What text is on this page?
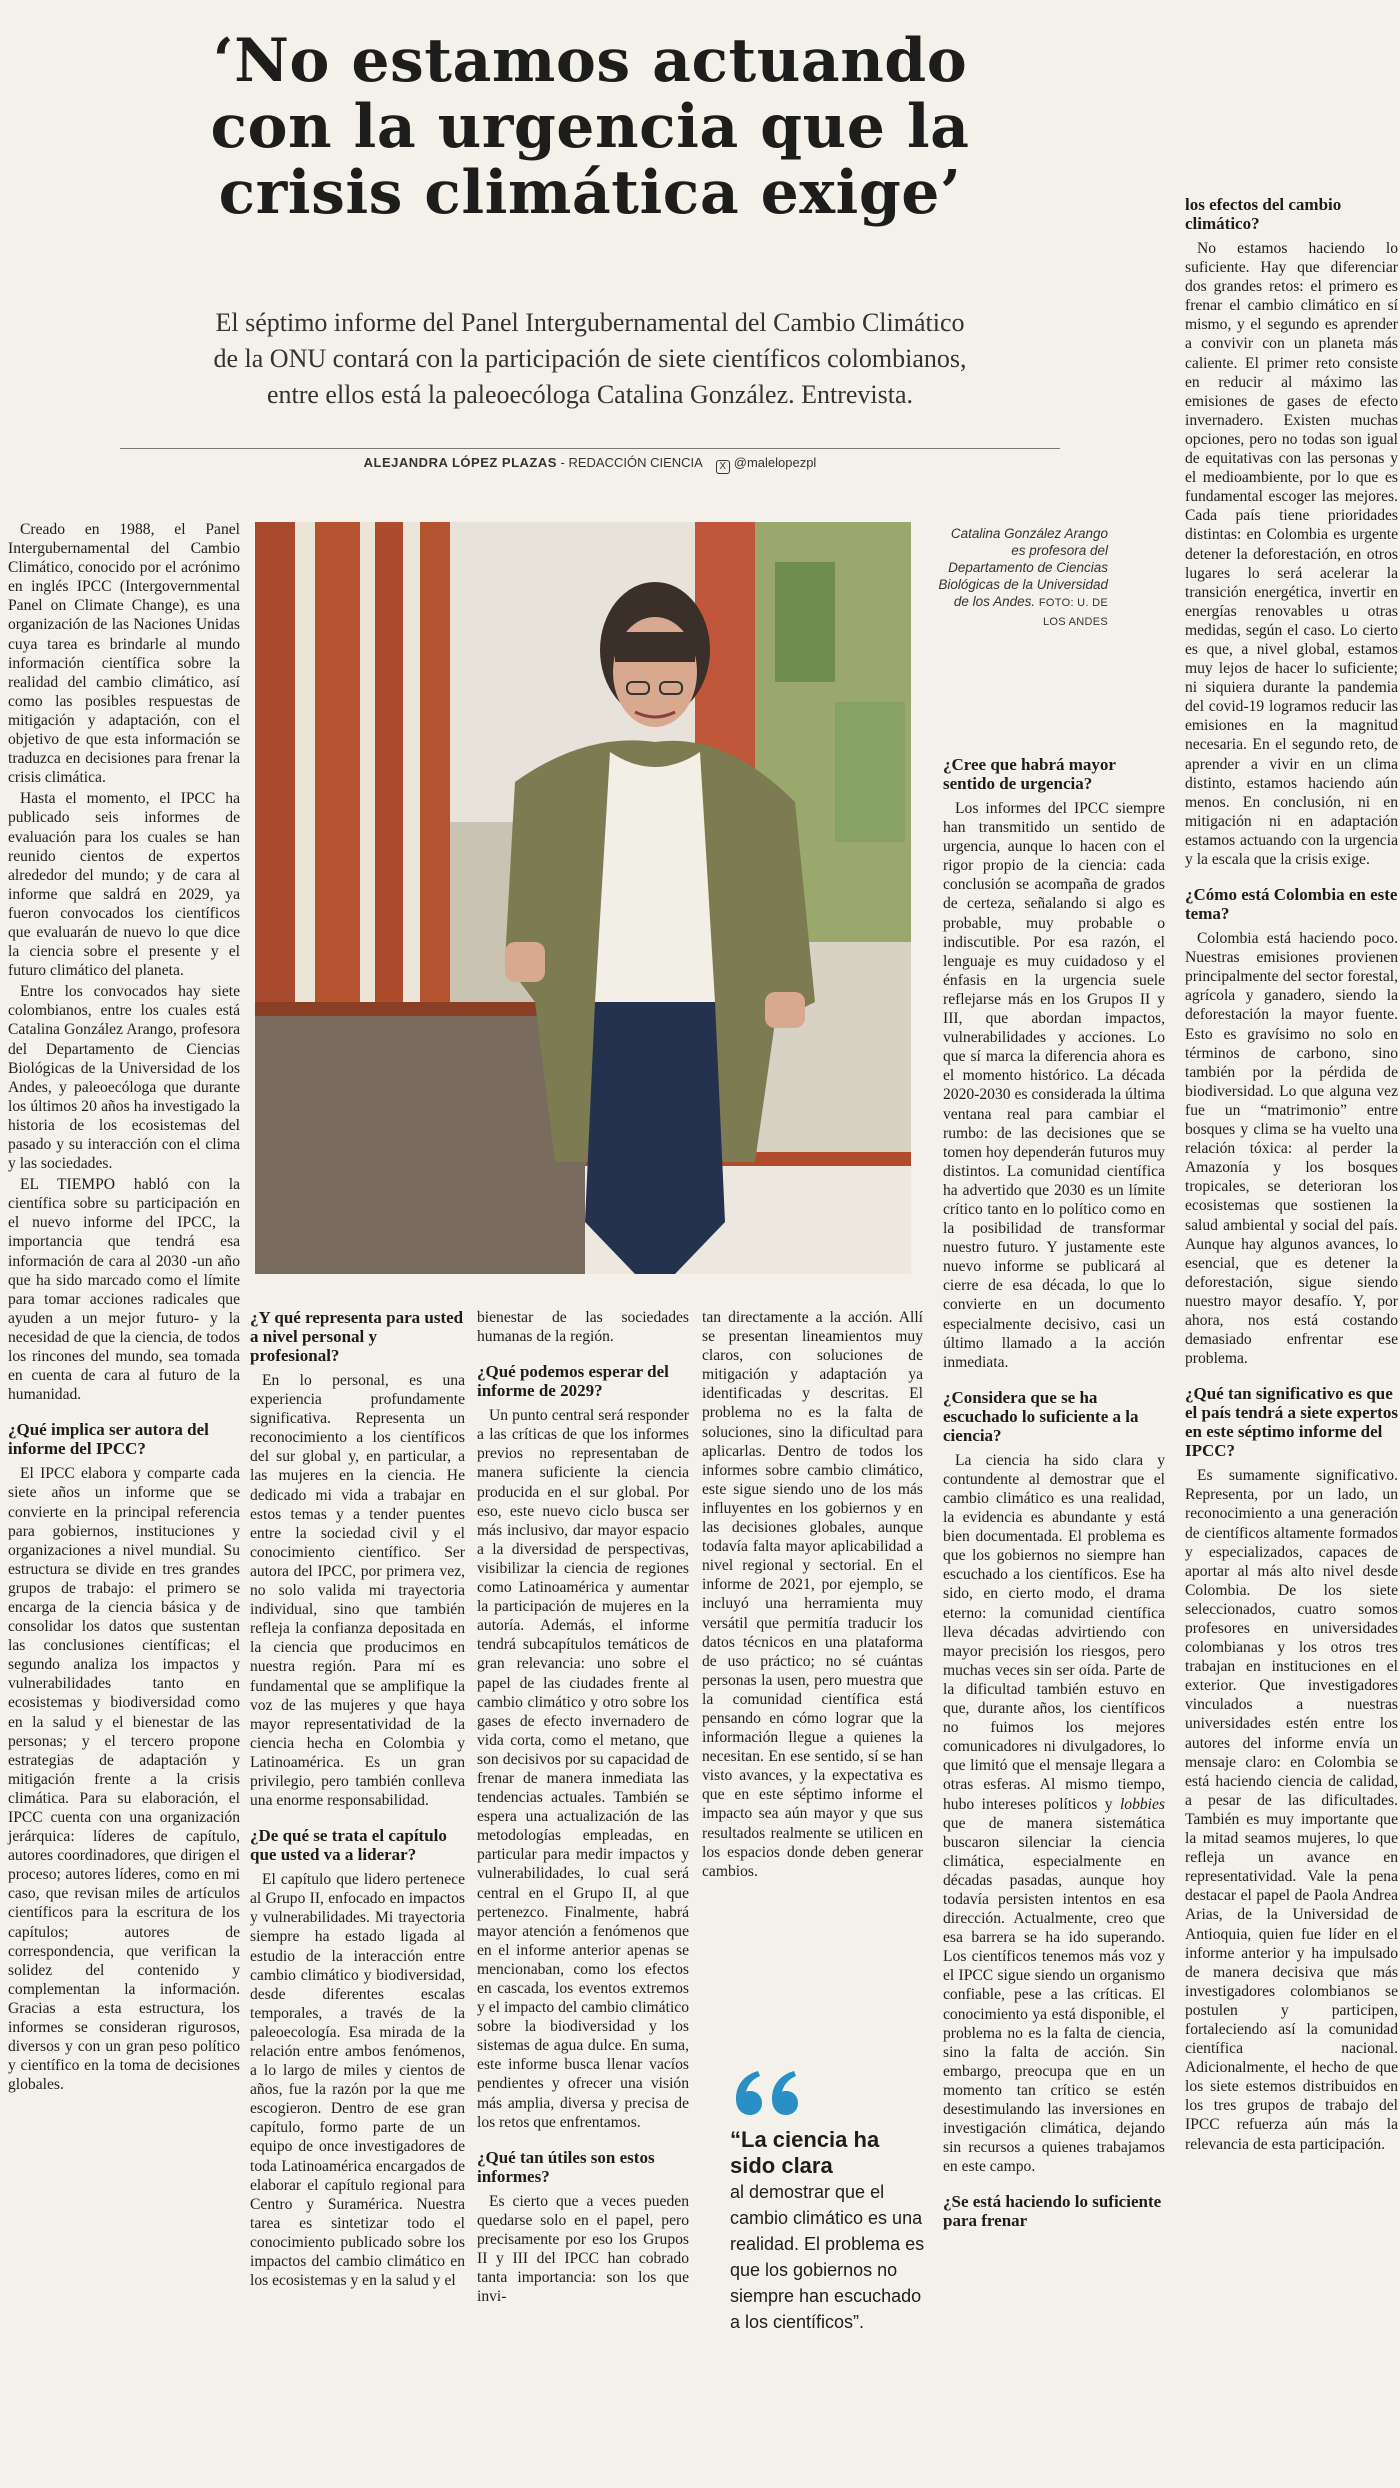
‘No estamos actuando
con la urgencia que la
crisis climática exige’
El séptimo informe del Panel Intergubernamental del Cambio Climático
de la ONU contará con la participación de siete científicos colombianos,
entre ellos está la paleoecóloga Catalina González. Entrevista.
ALEJANDRA LÓPEZ PLAZAS - REDACCIÓN CIENCIA X @malelopezpl

Creado en 1988, el Panel Intergubernamental del Cambio Climático, conocido por el acrónimo en inglés IPCC (Intergovernmental Panel on Climate Change), es una organización de las Naciones Unidas cuya tarea es brindarle al mundo información científica sobre la realidad del cambio climático, así como las posibles respuestas de mitigación y adaptación, con el objetivo de que esta información se traduzca en decisiones para frenar la crisis climática.

Hasta el momento, el IPCC ha publicado seis informes de evaluación para los cuales se han reunido cientos de expertos alrededor del mundo; y de cara al informe que saldrá en 2029, ya fueron convocados los científicos que evaluarán de nuevo lo que dice la ciencia sobre el presente y el futuro climático del planeta.

Entre los convocados hay siete colombianos, entre los cuales está Catalina González Arango, profesora del Departamento de Ciencias Biológicas de la Universidad de los Andes, y paleoecóloga que durante los últimos 20 años ha investigado la historia de los ecosistemas del pasado y su interacción con el clima y las sociedades.

EL TIEMPO habló con la científica sobre su participación en el nuevo informe del IPCC, la importancia que tendrá esa información de cara al 2030 -un año que ha sido marcado como el límite para tomar acciones radicales que ayuden a un mejor futuro- y la necesidad de que la ciencia, de todos los rincones del mundo, sea tomada en cuenta de cara al futuro de la humanidad.

¿Qué implica ser autora del informe del IPCC?

El IPCC elabora y comparte cada siete años un informe que se convierte en la principal referencia para gobiernos, instituciones y organizaciones a nivel mundial. Su estructura se divide en tres grandes grupos de trabajo: el primero se encarga de la ciencia básica y de consolidar los datos que sustentan las conclusiones científicas; el segundo analiza los impactos y vulnerabilidades tanto en ecosistemas y biodiversidad como en la salud y el bienestar de las personas; y el tercero propone estrategias de adaptación y mitigación frente a la crisis climática. Para su elaboración, el IPCC cuenta con una organización jerárquica: líderes de capítulo, autores coordinadores, que dirigen el proceso; autores líderes, como en mi caso, que revisan miles de artículos científicos para la escritura de los capítulos; autores de correspondencia, que verifican la solidez del contenido y complementan la información. Gracias a esta estructura, los informes se consideran rigurosos, diversos y con un gran peso político y científico en la toma de decisiones globales.

Catalina González Arango es profesora del Departamento de Ciencias Biológicas de la Universidad de los Andes. FOTO: U. DE LOS ANDES
¿Y qué representa para usted a nivel personal y profesional?

En lo personal, es una experiencia profundamente significativa. Representa un reconocimiento a los científicos del sur global y, en particular, a las mujeres en la ciencia. He dedicado mi vida a trabajar en estos temas y a tender puentes entre la sociedad civil y el conocimiento científico. Ser autora del IPCC, por primera vez, no solo valida mi trayectoria individual, sino que también refleja la confianza depositada en la ciencia que producimos en nuestra región. Para mí es fundamental que se amplifique la voz de las mujeres y que haya mayor representatividad de la ciencia hecha en Colombia y Latinoamérica. Es un gran privilegio, pero también conlleva una enorme responsabilidad.

¿De qué se trata el capítulo que usted va a liderar?

El capítulo que lidero pertenece al Grupo II, enfocado en impactos y vulnerabilidades. Mi trayectoria siempre ha estado ligada al estudio de la interacción entre cambio climático y biodiversidad, desde diferentes escalas temporales, a través de la paleoecología. Esa mirada de la relación entre ambos fenómenos, a lo largo de miles y cientos de años, fue la razón por la que me escogieron. Dentro de ese gran capítulo, formo parte de un equipo de once investigadores de toda Latinoamérica encargados de elaborar el capítulo regional para Centro y Suramérica. Nuestra tarea es sintetizar todo el conocimiento publicado sobre los impactos del cambio climático en los ecosistemas y en la salud y el

bienestar de las sociedades humanas de la región.

¿Qué podemos esperar del informe de 2029?

Un punto central será responder a las críticas de que los informes previos no representaban de manera suficiente la ciencia producida en el sur global. Por eso, este nuevo ciclo busca ser más inclusivo, dar mayor espacio a la diversidad de perspectivas, visibilizar la ciencia de regiones como Latinoamérica y aumentar la participación de mujeres en la autoría. Además, el informe tendrá subcapítulos temáticos de gran relevancia: uno sobre el papel de las ciudades frente al cambio climático y otro sobre los gases de efecto invernadero de vida corta, como el metano, que son decisivos por su capacidad de frenar de manera inmediata las tendencias actuales. También se espera una actualización de las metodologías empleadas, en particular para medir impactos y vulnerabilidades, lo cual será central en el Grupo II, al que pertenezco. Finalmente, habrá mayor atención a fenómenos que en el informe anterior apenas se mencionaban, como los efectos en cascada, los eventos extremos y el impacto del cambio climático sobre la biodiversidad y los sistemas de agua dulce. En suma, este informe busca llenar vacíos pendientes y ofrecer una visión más amplia, diversa y precisa de los retos que enfrentamos.

¿Qué tan útiles son estos informes?

Es cierto que a veces pueden quedarse solo en el papel, pero precisamente por eso los Grupos II y III del IPCC han cobrado tanta importancia: son los que invi-

tan directamente a la acción. Allí se presentan lineamientos muy claros, con soluciones de mitigación y adaptación ya identificadas y descritas. El problema no es la falta de soluciones, sino la dificultad para aplicarlas. Dentro de todos los informes sobre cambio climático, este sigue siendo uno de los más influyentes en los gobiernos y en las decisiones globales, aunque todavía falta mayor aplicabilidad a nivel regional y sectorial. En el informe de 2021, por ejemplo, se incluyó una herramienta muy versátil que permitía traducir los datos técnicos en una plataforma de uso práctico; no sé cuántas personas la usen, pero muestra que la comunidad científica está pensando en cómo lograr que la información llegue a quienes la necesitan. En ese sentido, sí se han visto avances, y la expectativa es que en este séptimo informe el impacto sea aún mayor y que sus resultados realmente se utilicen en los espacios donde deben generar cambios.

“La ciencia ha sido clara
al demostrar que el cambio climático es una realidad. El problema es que los gobiernos no siempre han escuchado a los científicos”.
¿Cree que habrá mayor sentido de urgencia?

Los informes del IPCC siempre han transmitido un sentido de urgencia, aunque lo hacen con el rigor propio de la ciencia: cada conclusión se acompaña de grados de certeza, señalando si algo es probable, muy probable o indiscutible. Por esa razón, el lenguaje es muy cuidadoso y el énfasis en la urgencia suele reflejarse más en los Grupos II y III, que abordan impactos, vulnerabilidades y acciones. Lo que sí marca la diferencia ahora es el momento histórico. La década 2020-2030 es considerada la última ventana real para cambiar el rumbo: de las decisiones que se tomen hoy dependerán futuros muy distintos. La comunidad científica ha advertido que 2030 es un límite crítico tanto en lo político como en la posibilidad de transformar nuestro futuro. Y justamente este nuevo informe se publicará al cierre de esa década, lo que lo convierte en un documento especialmente decisivo, casi un último llamado a la acción inmediata.

¿Considera que se ha escuchado lo suficiente a la ciencia?

La ciencia ha sido clara y contundente al demostrar que el cambio climático es una realidad, la evidencia es abundante y está bien documentada. El problema es que los gobiernos no siempre han escuchado a los científicos. Ese ha sido, en cierto modo, el drama eterno: la comunidad científica lleva décadas advirtiendo con mayor precisión los riesgos, pero muchas veces sin ser oída. Parte de la dificultad también estuvo en que, durante años, los científicos no fuimos los mejores comunicadores ni divulgadores, lo que limitó que el mensaje llegara a otras esferas. Al mismo tiempo, hubo intereses políticos y lobbies que de manera sistemática buscaron silenciar la ciencia climática, especialmente en décadas pasadas, aunque hoy todavía persisten intentos en esa dirección. Actualmente, creo que esa barrera se ha ido superando. Los científicos tenemos más voz y el IPCC sigue siendo un organismo confiable, pese a las críticas. El conocimiento ya está disponible, el problema no es la falta de ciencia, sino la falta de acción. Sin embargo, preocupa que en un momento tan crítico se estén desestimulando las inversiones en investigación climática, dejando sin recursos a quienes trabajamos en este campo.

¿Se está haciendo lo suficiente para frenar
los efectos del cambio climático?

No estamos haciendo lo suficiente. Hay que diferenciar dos grandes retos: el primero es frenar el cambio climático en sí mismo, y el segundo es aprender a convivir con un planeta más caliente. El primer reto consiste en reducir al máximo las emisiones de gases de efecto invernadero. Existen muchas opciones, pero no todas son igual de equitativas con las personas y el medioambiente, por lo que es fundamental escoger las mejores. Cada país tiene prioridades distintas: en Colombia es urgente detener la deforestación, en otros lugares lo será acelerar la transición energética, invertir en energías renovables u otras medidas, según el caso. Lo cierto es que, a nivel global, estamos muy lejos de hacer lo suficiente; ni siquiera durante la pandemia del covid-19 logramos reducir las emisiones en la magnitud necesaria. En el segundo reto, de aprender a vivir en un clima distinto, estamos haciendo aún menos. En conclusión, ni en mitigación ni en adaptación estamos actuando con la urgencia y la escala que la crisis exige.

¿Cómo está Colombia en este tema?

Colombia está haciendo poco. Nuestras emisiones provienen principalmente del sector forestal, agrícola y ganadero, siendo la deforestación la mayor fuente. Esto es gravísimo no solo en términos de carbono, sino también por la pérdida de biodiversidad. Lo que alguna vez fue un “matrimonio” entre bosques y clima se ha vuelto una relación tóxica: al perder la Amazonía y los bosques tropicales, se deterioran los ecosistemas que sostienen la salud ambiental y social del país. Aunque hay algunos avances, lo esencial, que es detener la deforestación, sigue siendo nuestro mayor desafío. Y, por ahora, nos está costando demasiado enfrentar ese problema.

¿Qué tan significativo es que el país tendrá a siete expertos en este séptimo informe del IPCC?

Es sumamente significativo. Representa, por un lado, un reconocimiento a una generación de científicos altamente formados y especializados, capaces de aportar al más alto nivel desde Colombia. De los siete seleccionados, cuatro somos profesores en universidades colombianas y los otros tres trabajan en instituciones en el exterior. Que investigadores vinculados a nuestras universidades estén entre los autores del informe envía un mensaje claro: en Colombia se está haciendo ciencia de calidad, a pesar de las dificultades. También es muy importante que la mitad seamos mujeres, lo que refleja un avance en representatividad. Vale la pena destacar el papel de Paola Andrea Arias, de la Universidad de Antioquia, quien fue líder en el informe anterior y ha impulsado de manera decisiva que más investigadores colombianos se postulen y participen, fortaleciendo así la comunidad científica nacional. Adicionalmente, el hecho de que los siete estemos distribuidos en los tres grupos de trabajo del IPCC refuerza aún más la relevancia de esta participación.
